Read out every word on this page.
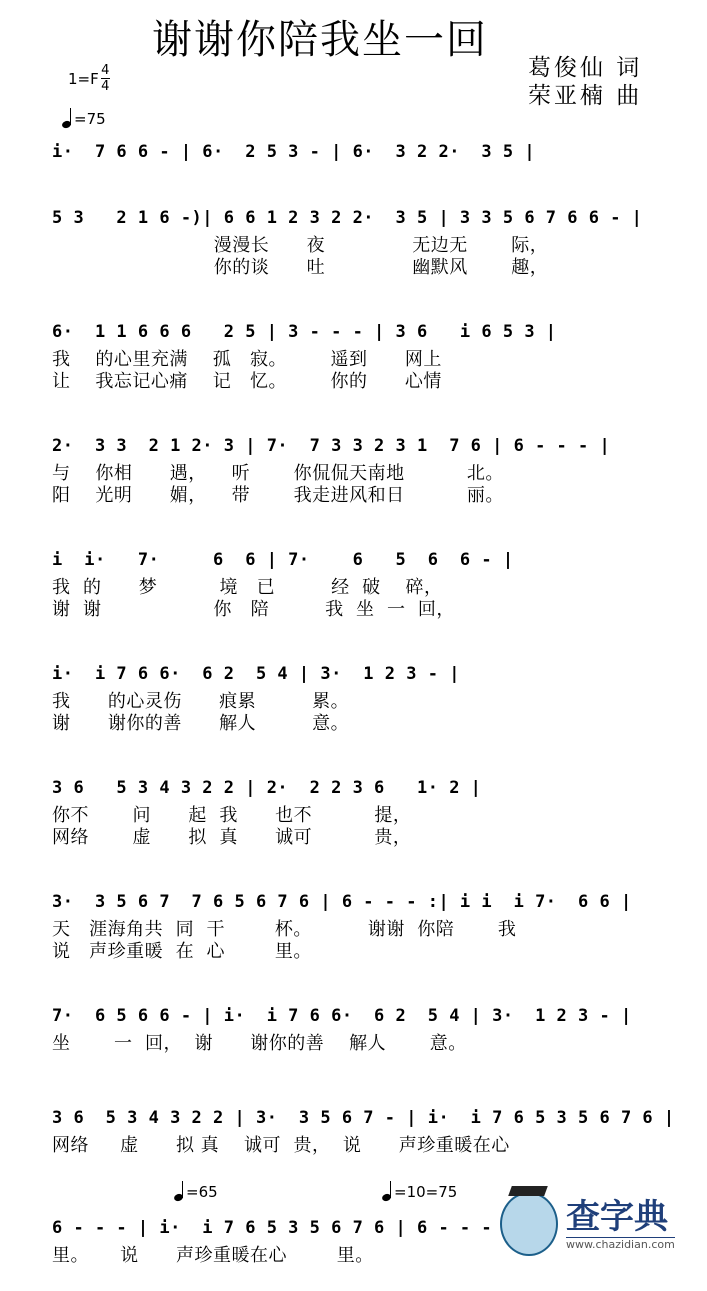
谢谢你陪我坐一回
$1=F \frac{4}{4}$
=75
葛俊仙 词
荣亚楠 曲
i·  7 6 6 - | 6·  2 5 3 - | 6·  3 2 2·  3 5 |
5 3   2 1 6 -)| 6 6 1 2 3 2 2·  3 5 | 3 3 5 6 7 6 6 - |
漫漫长      夜              无边无       际，
你的谈      吐              幽默风       趣，
6·  1 1 6 6 6   2 5 | 3 - - - | 3 6   i 6 5 3 |
我    的心里充满    孤   寂。       遥到      网上
让    我忘记心痛    记   忆。       你的      心情
2·  3 3  2 1 2· 3 | 7·  7 3 3 2 3 1  7 6 | 6 - - - |
与    你相      遇，    听       你侃侃天南地          北。
阳    光明      媚，    带       我走进风和日          丽。
i  i·   7·     6  6 | 7·    6   5  6  6 - |
我  的      梦          境   已         经  破    碎，
谢  谢                  你   陪         我  坐  一  回，
i·  i 7 6 6·  6 2  5 4 | 3·  1 2 3 - |
我      的心灵伤      痕累         累。
谢      谢你的善      解人         意。
3 6   5 3 4 3 2 2 | 2·  2 2 3 6   1· 2 |
你不       问      起  我      也不          提，
网络       虚      拟  真      诚可          贵，
3·  3 5 6 7  7 6 5 6 7 6 | 6 - - - :| i i  i 7·  6 6 |
天   涯海角共  同  干        杯。         谢谢  你陪       我
说   声珍重暖  在  心        里。
7·  6 5 6 6 - | i·  i 7 6 6·  6 2  5 4 | 3·  1 2 3 - |
坐       一  回，  谢      谢你的善    解人       意。
3 6  5 3 4 3 2 2 | 3·  3 5 6 7 - | i·  i 7 6 5 3 5 6 7 6 |
网络     虚      拟 真    诚可  贵，  说      声珍重暖在心
=65	=10=75
6 - - - | i·  i 7 6 5 3 5 6 7 6 | 6 - - -
里。     说      声珍重暖在心        里。
查字典
www.chazidian.com
